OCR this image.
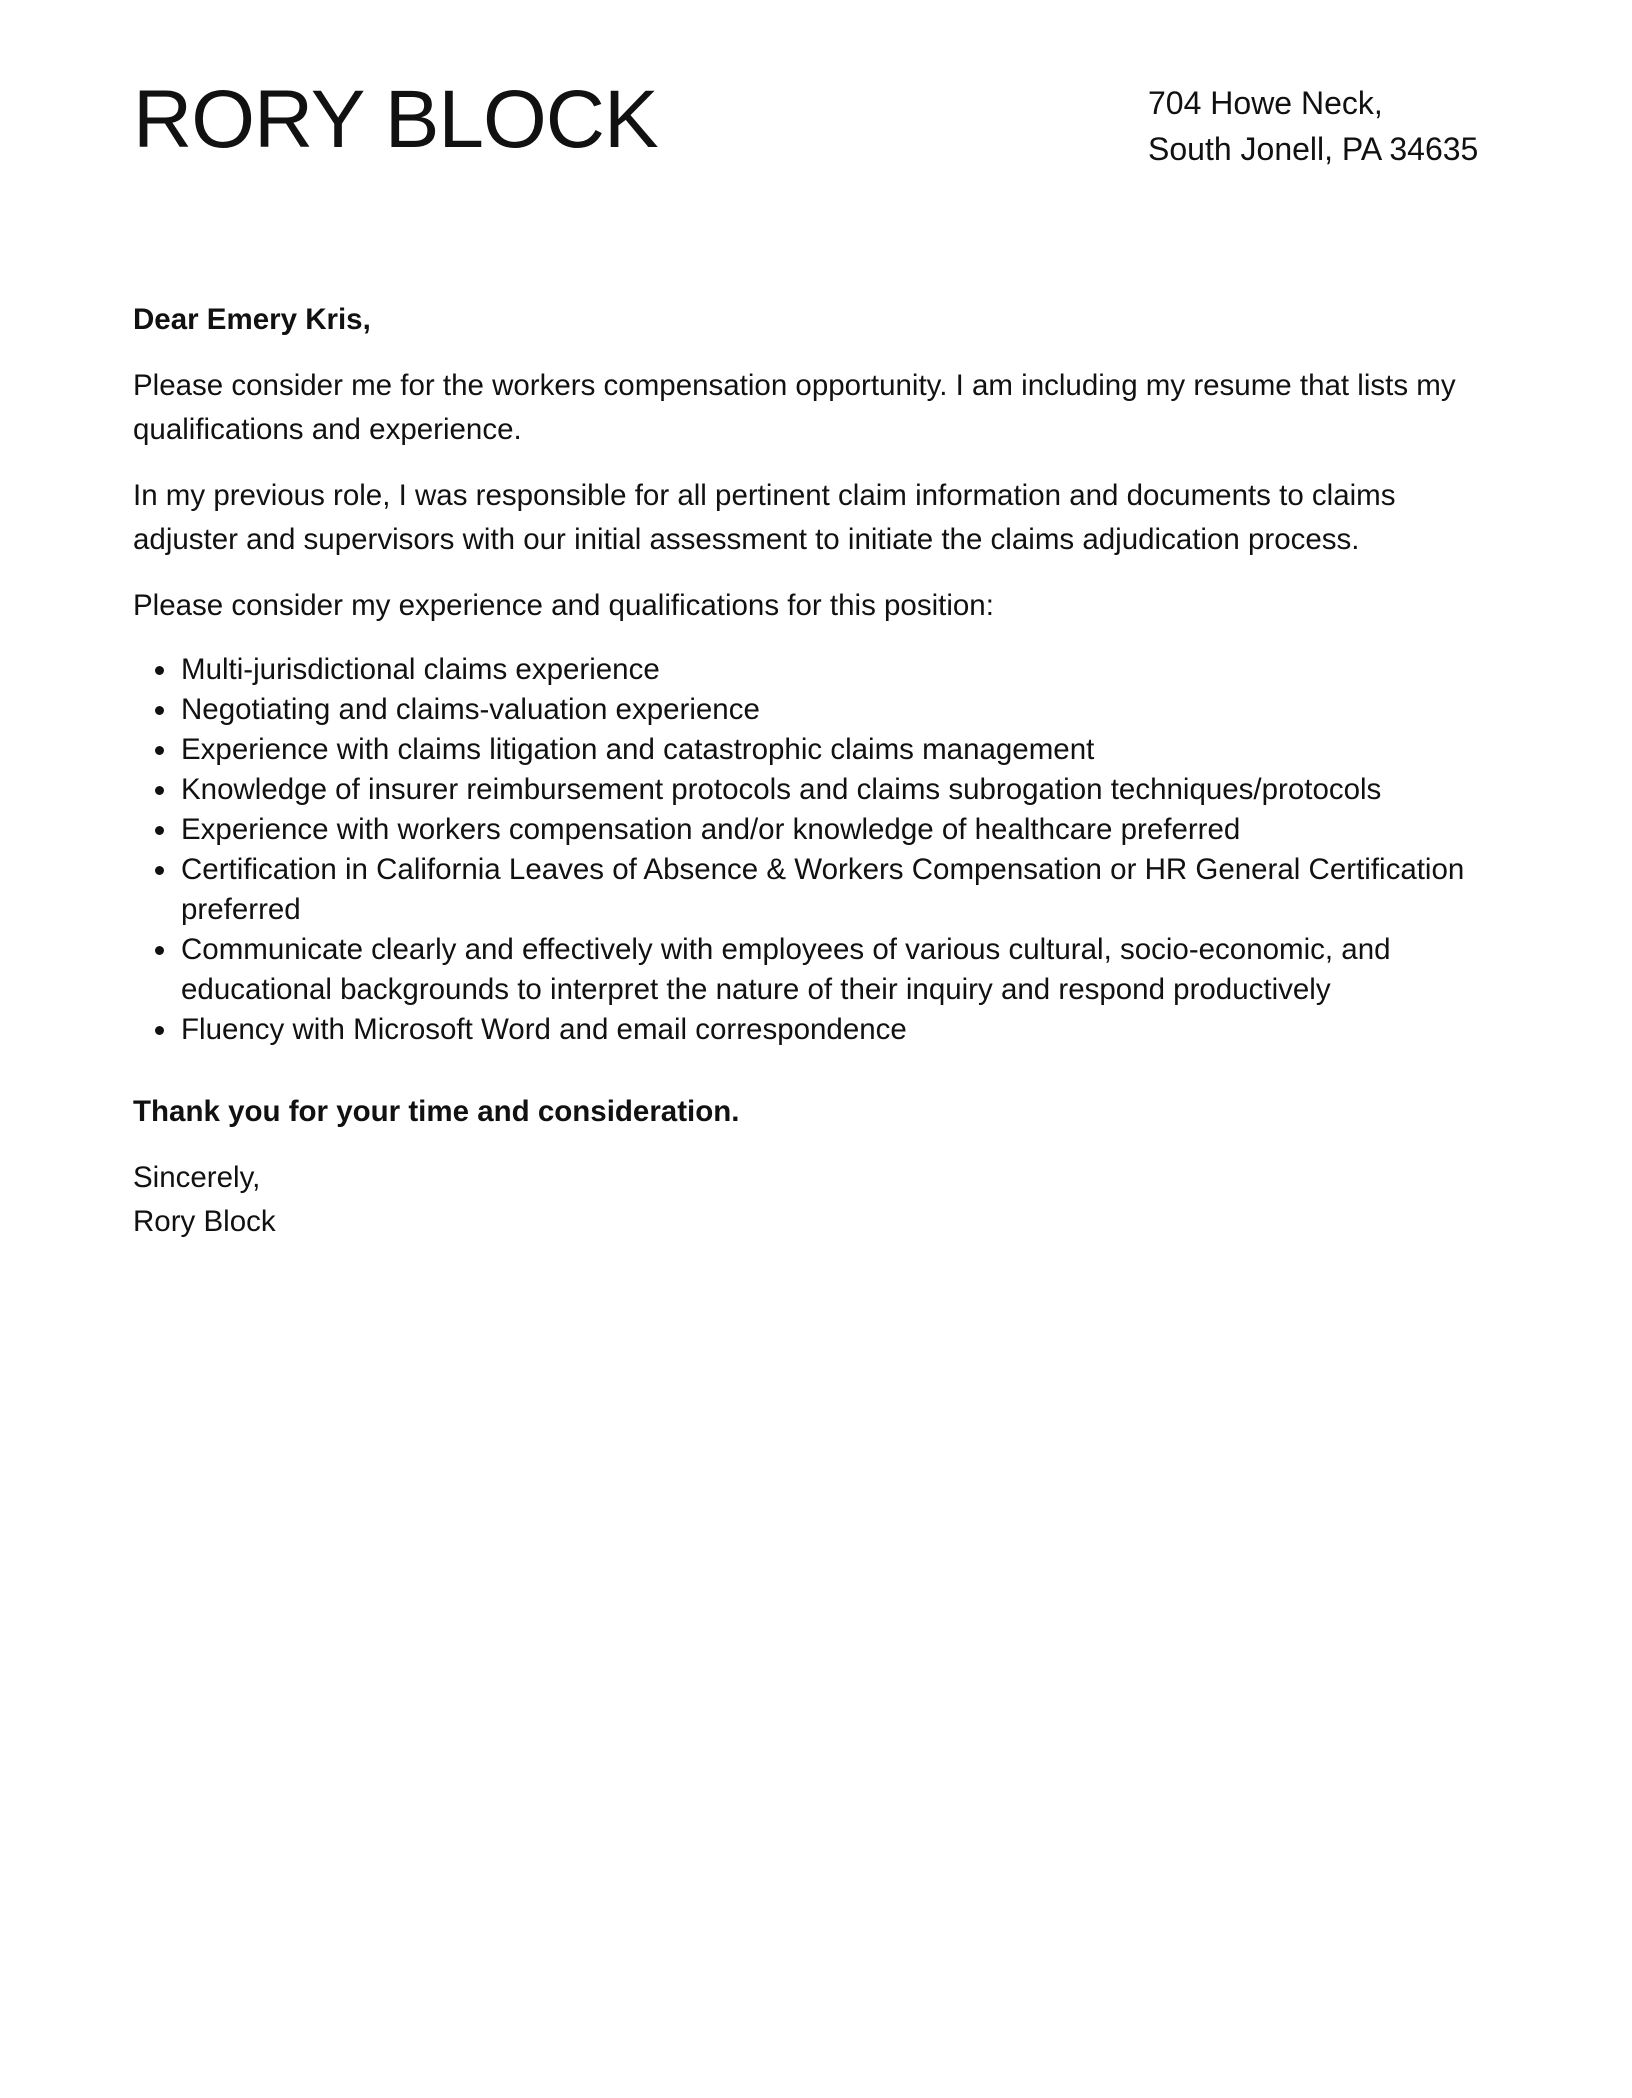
RORY BLOCK	704 Howe Neck,
South Jonell, PA 34635

Dear Emery Kris,

Please consider me for the workers compensation opportunity. I am including my resume that lists my qualifications and experience.

In my previous role, I was responsible for all pertinent claim information and documents to claims adjuster and supervisors with our initial assessment to initiate the claims adjudication process.

Please consider my experience and qualifications for this position:

Multi-jurisdictional claims experience
Negotiating and claims-valuation experience
Experience with claims litigation and catastrophic claims management
Knowledge of insurer reimbursement protocols and claims subrogation techniques/protocols
Experience with workers compensation and/or knowledge of healthcare preferred
Certification in California Leaves of Absence & Workers Compensation or HR General Certification preferred
Communicate clearly and effectively with employees of various cultural, socio-economic, and educational backgrounds to interpret the nature of their inquiry and respond productively
Fluency with Microsoft Word and email correspondence

Thank you for your time and consideration.

Sincerely,
Rory Block
